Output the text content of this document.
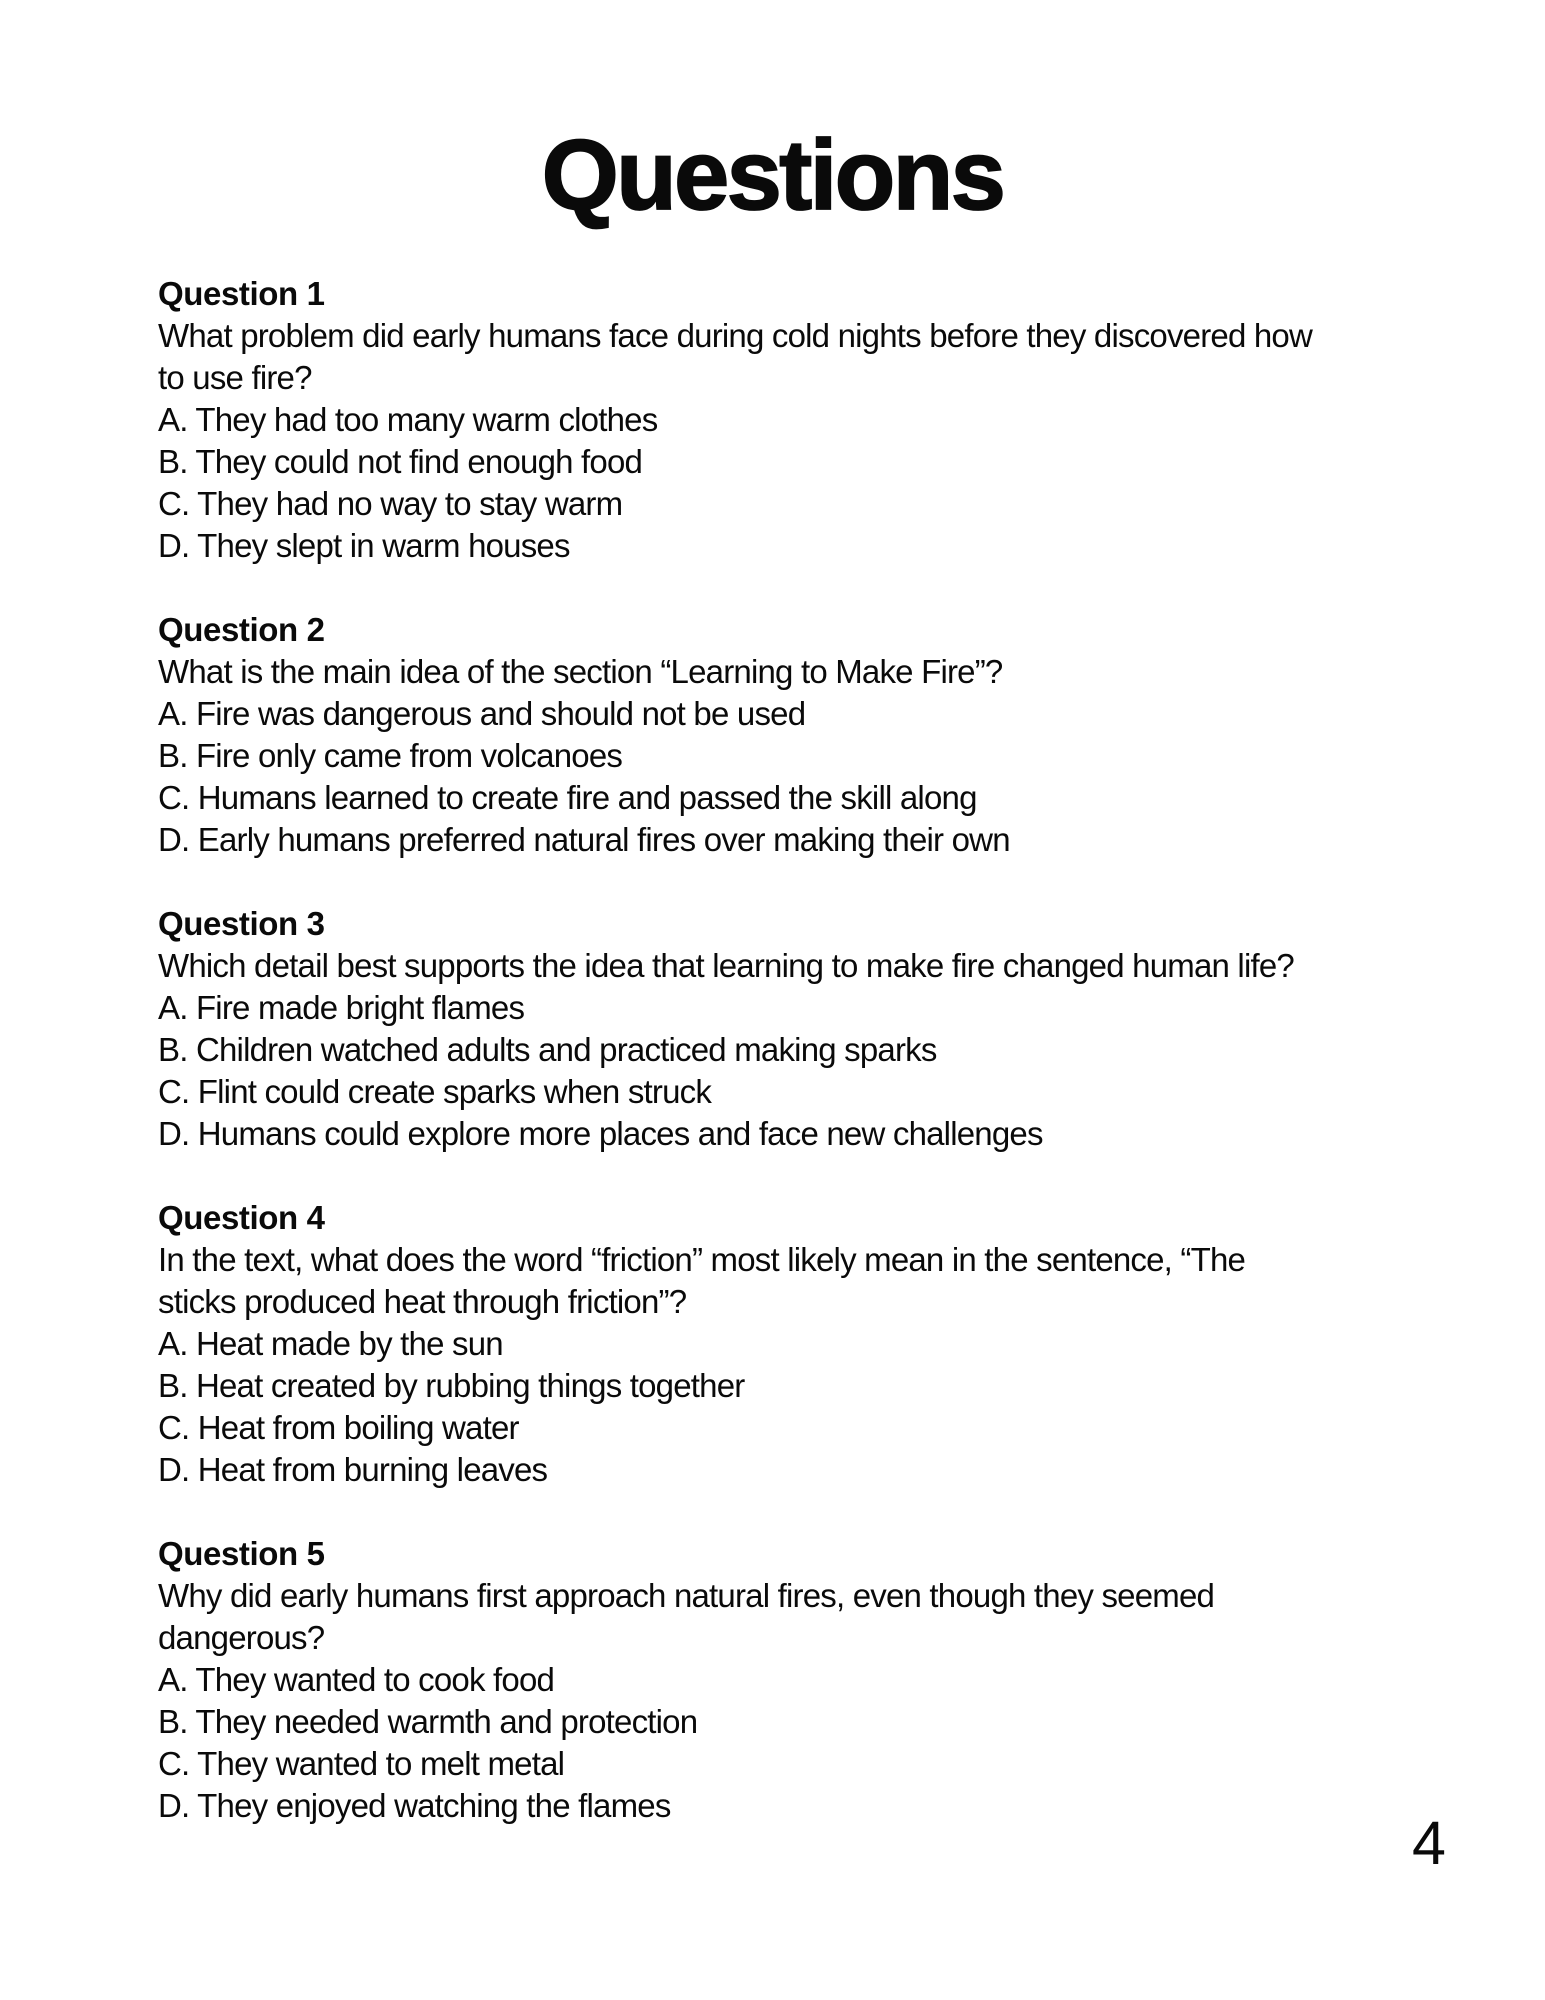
Questions
Question 1
What problem did early humans face during cold nights before they discovered how
to use fire?
A. They had too many warm clothes
B. They could not find enough food
C. They had no way to stay warm
D. They slept in warm houses
Question 2
What is the main idea of the section “Learning to Make Fire”?
A. Fire was dangerous and should not be used
B. Fire only came from volcanoes
C. Humans learned to create fire and passed the skill along
D. Early humans preferred natural fires over making their own
Question 3
Which detail best supports the idea that learning to make fire changed human life?
A. Fire made bright flames
B. Children watched adults and practiced making sparks
C. Flint could create sparks when struck
D. Humans could explore more places and face new challenges
Question 4
In the text, what does the word “friction” most likely mean in the sentence, “The
sticks produced heat through friction”?
A. Heat made by the sun
B. Heat created by rubbing things together
C. Heat from boiling water
D. Heat from burning leaves
Question 5
Why did early humans first approach natural fires, even though they seemed
dangerous?
A. They wanted to cook food
B. They needed warmth and protection
C. They wanted to melt metal
D. They enjoyed watching the flames
4
